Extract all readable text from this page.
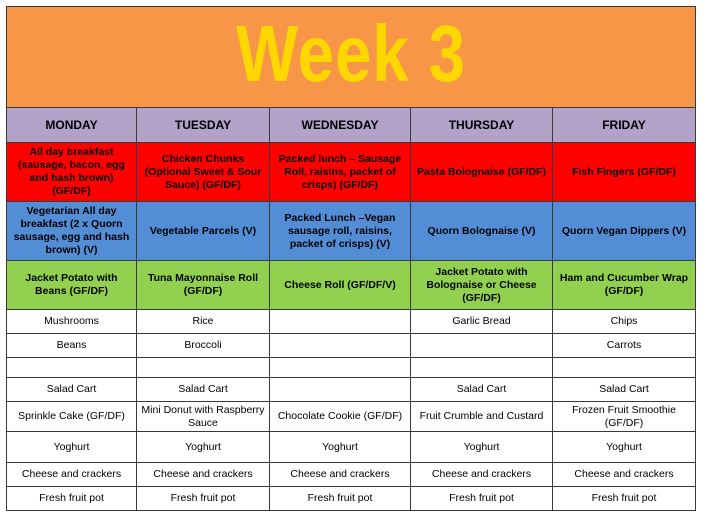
Week 3				

MONDAY	TUESDAY	WEDNESDAY	THURSDAY	FRIDAY
All day breakfast (sausage, bacon, egg and hash brown) (GF/DF)	Chicken Chunks (Optional Sweet & Sour Sauce) (GF/DF)	Packed lunch – Sausage Roll, raisins, packet of crisps) (GF/DF)	Pasta Bolognaise (GF/DF)	Fish Fingers (GF/DF)
Vegetarian All day breakfast (2 x Quorn sausage, egg and hash brown) (V)	Vegetable Parcels (V)	Packed Lunch –Vegan sausage roll, raisins, packet of crisps) (V)	Quorn Bolognaise (V)	Quorn Vegan Dippers (V)
Jacket Potato with Beans (GF/DF)	Tuna Mayonnaise Roll (GF/DF)	Cheese Roll (GF/DF/V)	Jacket Potato with Bolognaise or Cheese (GF/DF)	Ham and Cucumber Wrap (GF/DF)
Mushrooms	Rice		Garlic Bread	Chips
Beans	Broccoli			Carrots

Salad Cart	Salad Cart		Salad Cart	Salad Cart
Sprinkle Cake (GF/DF)	Mini Donut with Raspberry Sauce	Chocolate Cookie (GF/DF)	Fruit Crumble and Custard	Frozen Fruit Smoothie (GF/DF)
Yoghurt	Yoghurt	Yoghurt	Yoghurt	Yoghurt
Cheese and crackers	Cheese and crackers	Cheese and crackers	Cheese and crackers	Cheese and crackers
Fresh fruit pot	Fresh fruit pot	Fresh fruit pot	Fresh fruit pot	Fresh fruit pot
